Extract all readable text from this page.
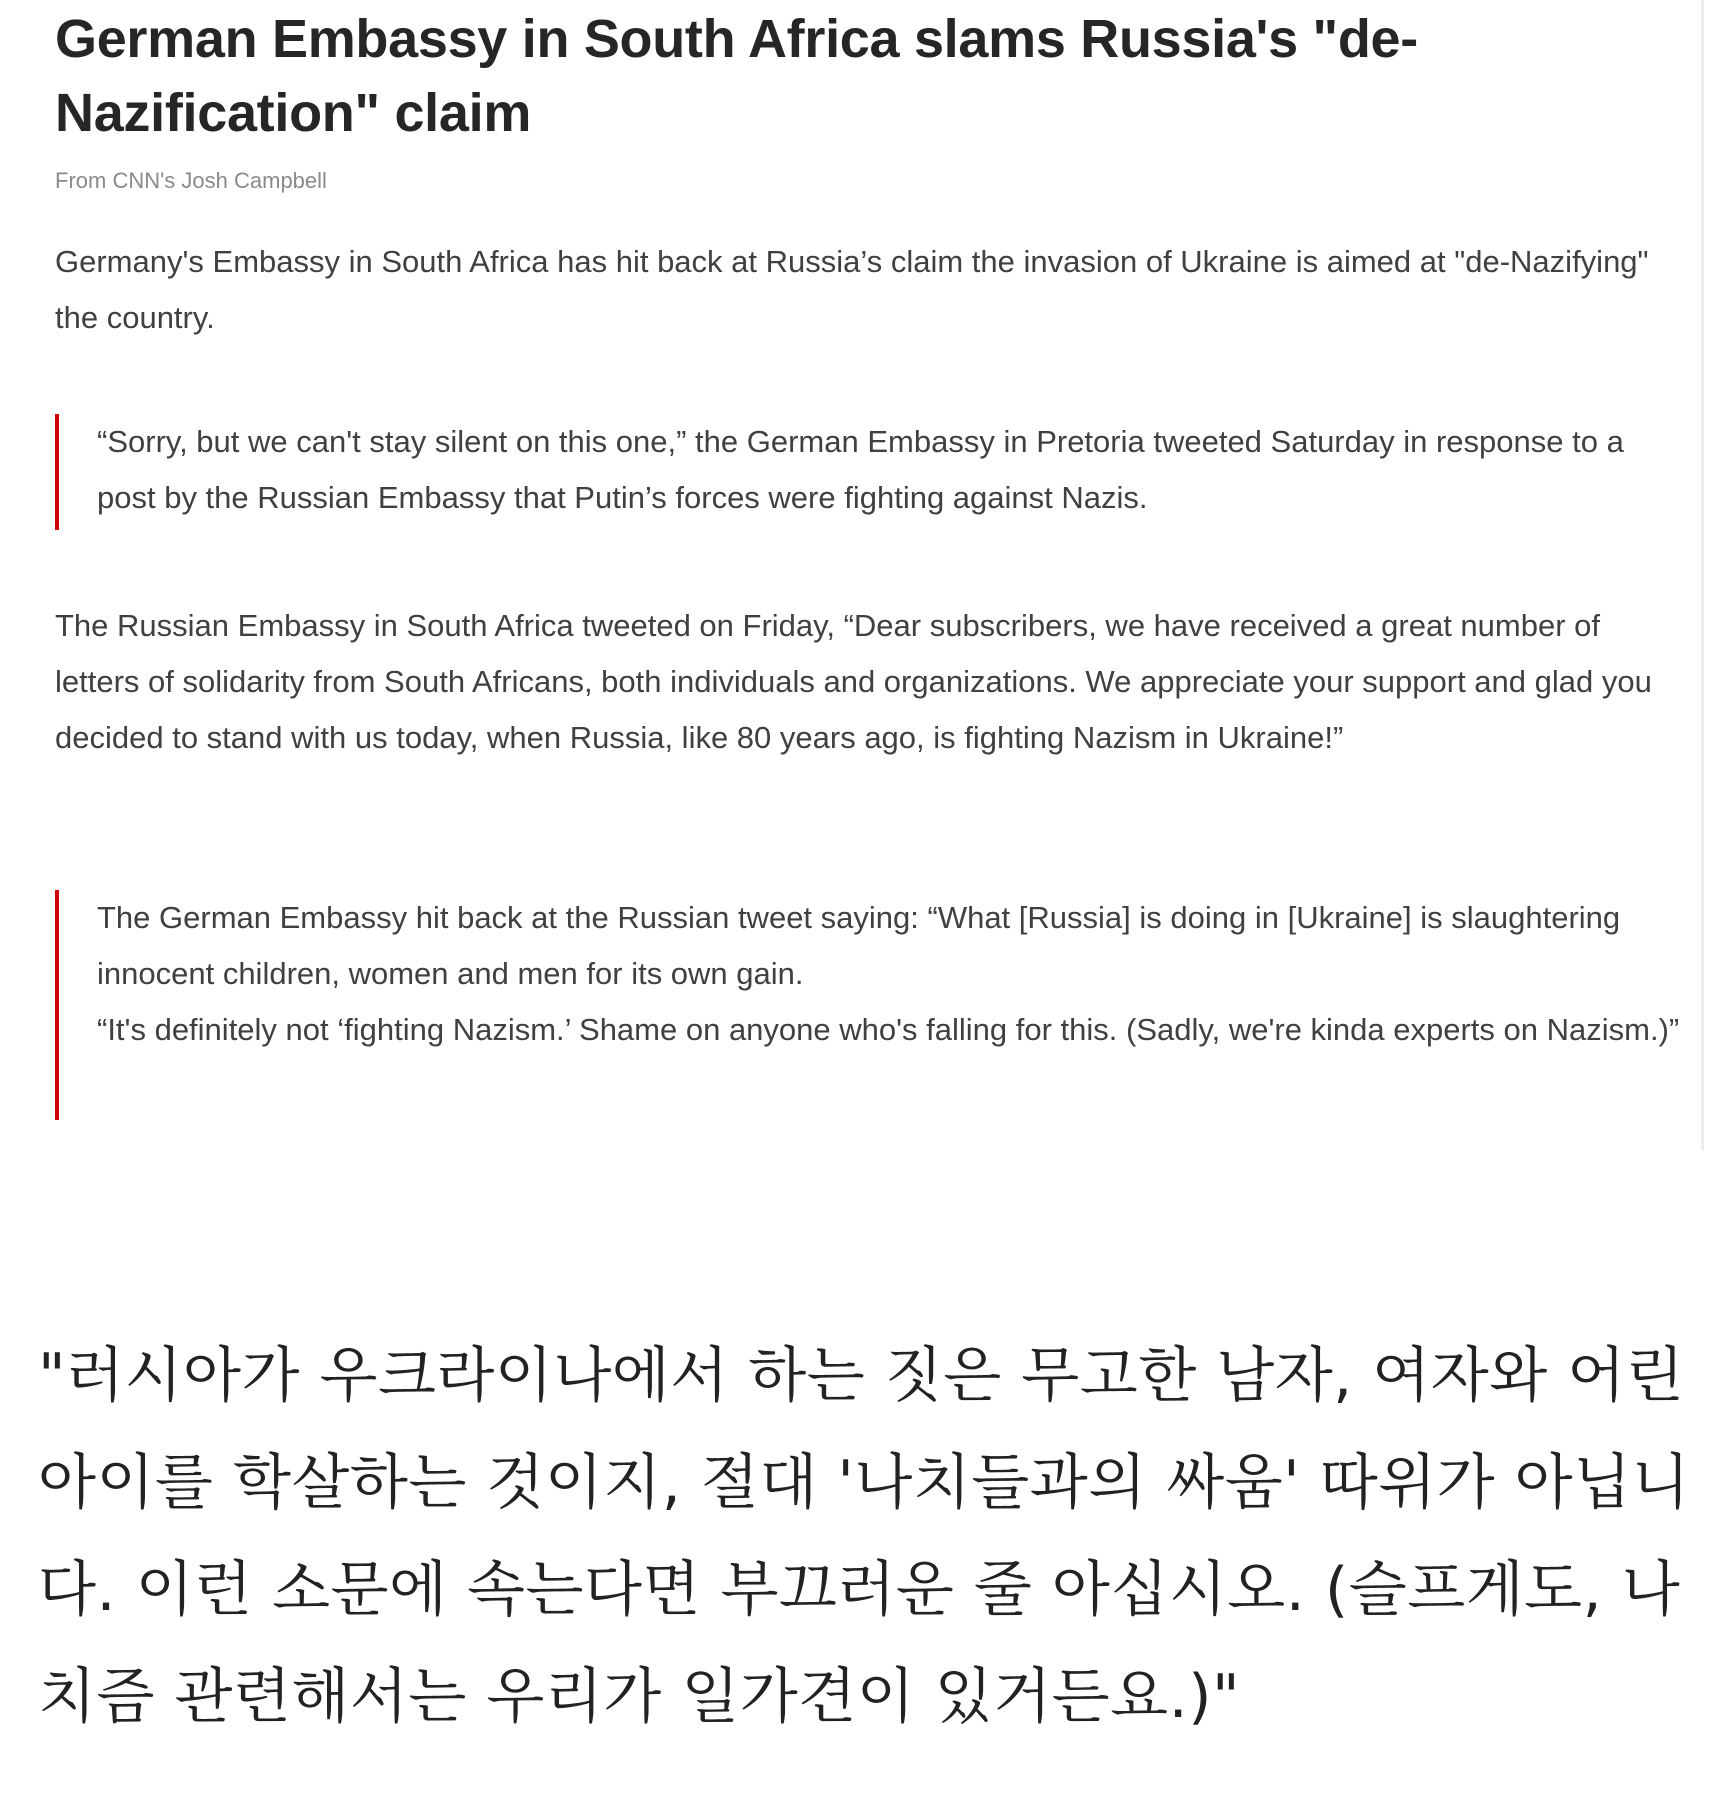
German Embassy in South Africa slams Russia's "de-Nazification" claim

From CNN's Josh Campbell

Germany's Embassy in South Africa has hit back at Russia’s claim the invasion of Ukraine is aimed at "de-Nazifying" the country.

“Sorry, but we can't stay silent on this one,” the German Embassy in Pretoria tweeted Saturday in response to a post by the Russian Embassy that Putin’s forces were fighting against Nazis.

The Russian Embassy in South Africa tweeted on Friday, “Dear subscribers, we have received a great number of letters of solidarity from South Africans, both individuals and organizations. We appreciate your support and glad you decided to stand with us today, when Russia, like 80 years ago, is fighting Nazism in Ukraine!”

The German Embassy hit back at the Russian tweet saying: “What [Russia] is doing in [Ukraine] is slaughtering innocent children, women and men for its own gain.
“It's definitely not ‘fighting Nazism.’ Shame on anyone who's falling for this. (Sadly, we're kinda experts on Nazism.)”

"러시아가 우크라이나에서 하는 짓은 무고한 남자, 여자와 어린아이를 학살하는 것이지, 절대 '나치들과의 싸움' 따위가 아닙니다. 이런 소문에 속는다면 부끄러운 줄 아십시오. (슬프게도, 나치즘 관련해서는 우리가 일가견이 있거든요.)"
